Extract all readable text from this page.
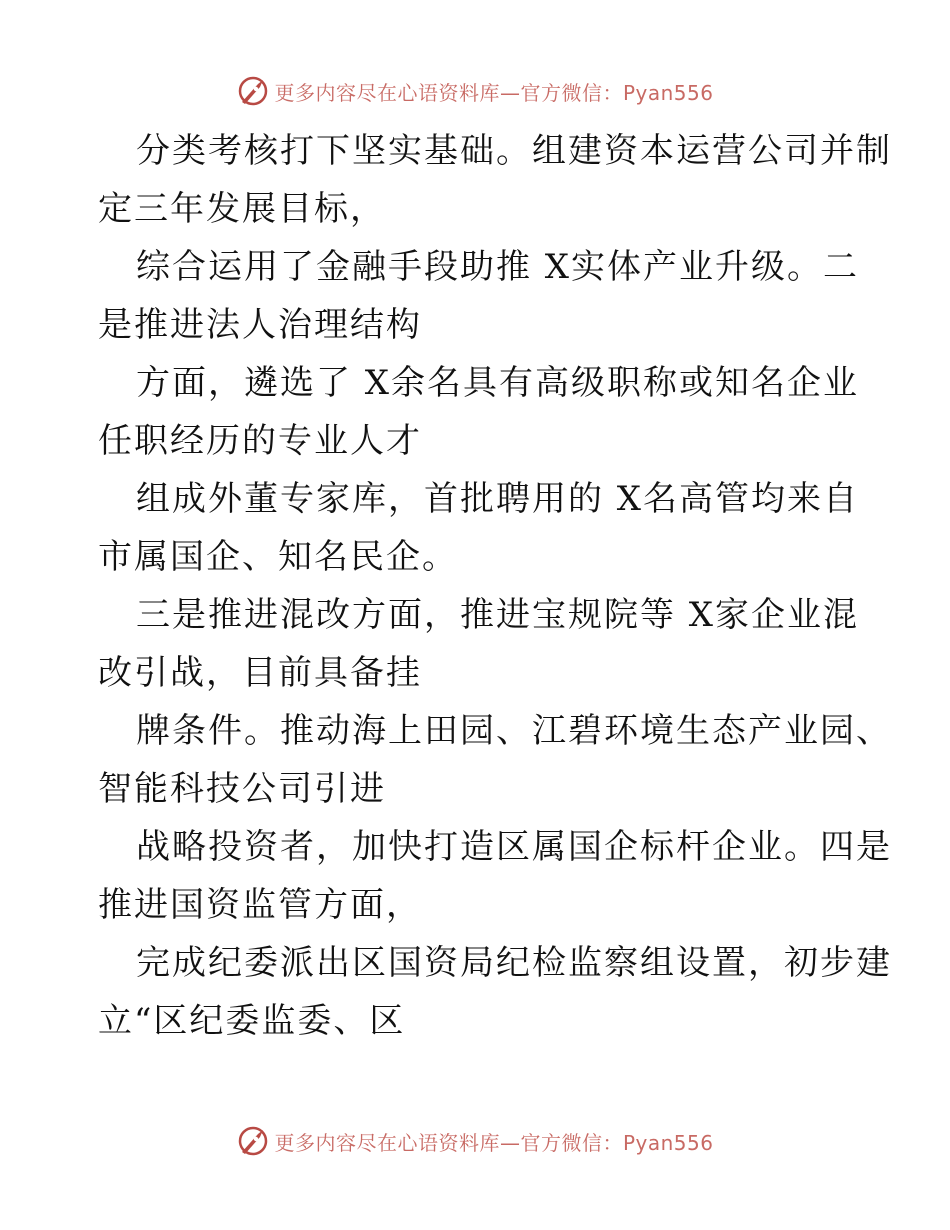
更多内容尽在心语资料库—官方微信：Pyan556

分类考核打下坚实基础。组建资本运营公司并制
定三年发展目标，

综合运用了金融手段助推 X实体产业升级。二
是推进法人治理结构

方面，遴选了 X余名具有高级职称或知名企业
任职经历的专业人才

组成外董专家库，首批聘用的 X名高管均来自
市属国企、知名民企。

三是推进混改方面，推进宝规院等 X家企业混
改引战，目前具备挂

牌条件。推动海上田园、江碧环境生态产业园、
智能科技公司引进

战略投资者，加快打造区属国企标杆企业。四是
推进国资监管方面，

完成纪委派出区国资局纪检监察组设置，初步建
立“区纪委监委、区

更多内容尽在心语资料库—官方微信：Pyan556
